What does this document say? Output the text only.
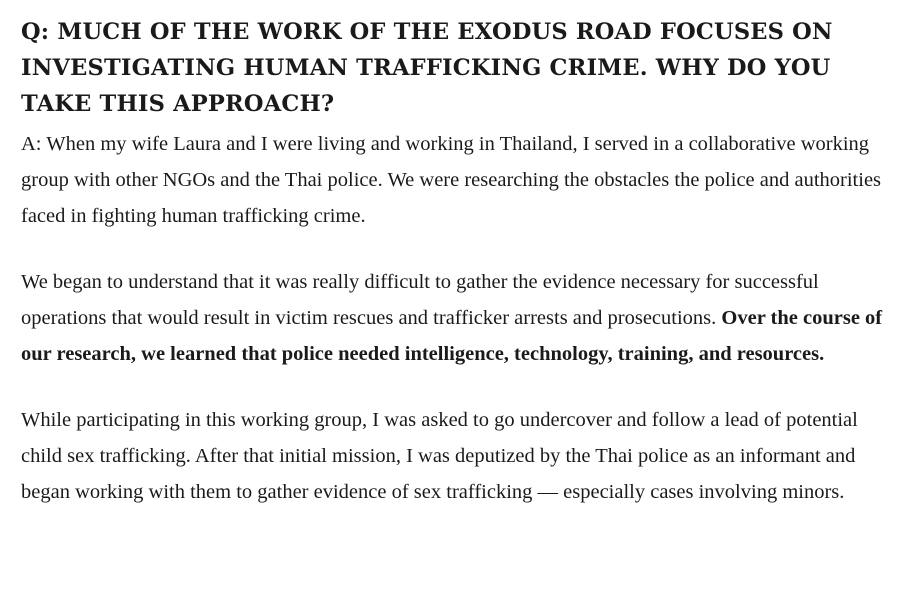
Q: MUCH OF THE WORK OF THE EXODUS ROAD FOCUSES ON INVESTIGATING HUMAN TRAFFICKING CRIME. WHY DO YOU TAKE THIS APPROACH?

A: When my wife Laura and I were living and working in Thailand, I served in a collaborative working group with other NGOs and the Thai police. We were researching the obstacles the police and authorities faced in fighting human trafficking crime.

We began to understand that it was really difficult to gather the evidence necessary for successful operations that would result in victim rescues and trafficker arrests and prosecutions. Over the course of our research, we learned that police needed intelligence, technology, training, and resources.

While participating in this working group, I was asked to go undercover and follow a lead of potential child sex trafficking. After that initial mission, I was deputized by the Thai police as an informant and began working with them to gather evidence of sex trafficking — especially cases involving minors.
